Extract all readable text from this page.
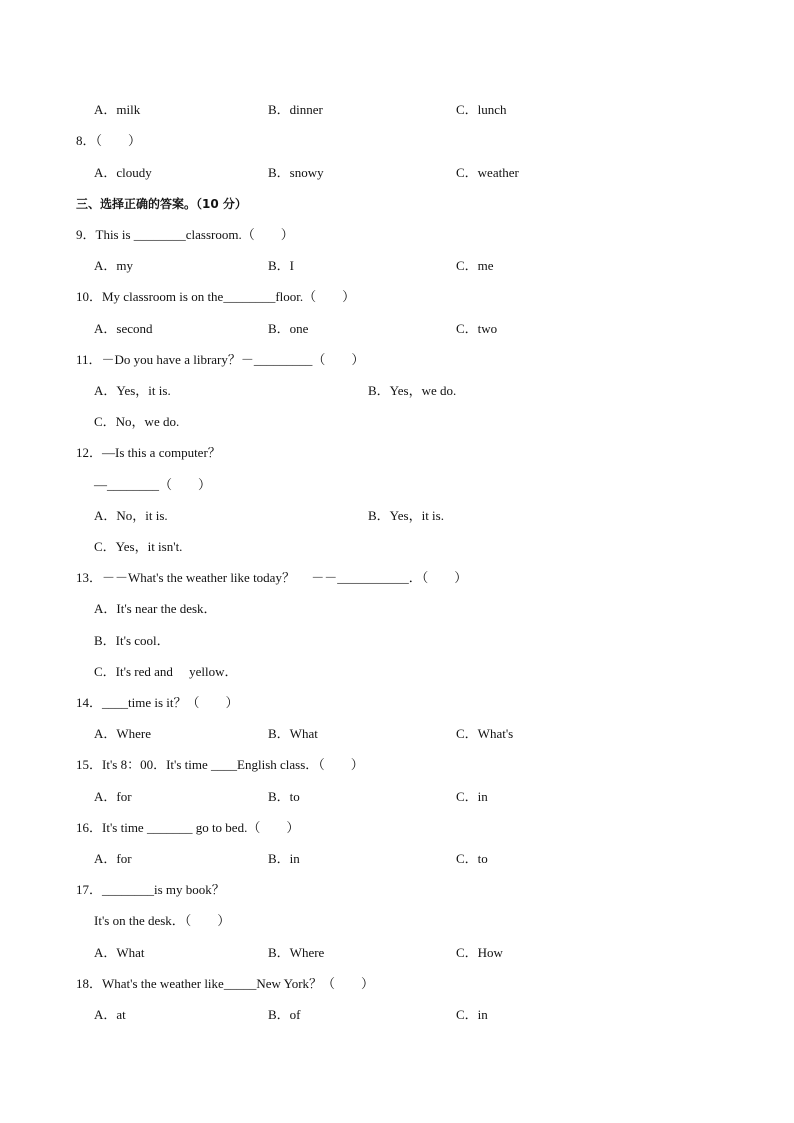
A．milk	B．dinner	C．lunch
8．（　　）
A．cloudy	B．snowy	C．weather
三、选择正确的答案。（10 分）
9．This is ________classroom.（　　）
A．my	B．I	C．me
10．My classroom is on the________floor.（　　）
A．second	B．one	C．two
11．－Do you have a library？－_________（　　）
A．Yes，it is.	B．Yes，we do.
C．No，we do.
12．—Is this a computer？
—________（　　）
A．No，it is.	B．Yes，it is.
C．Yes，it isn't.
13．－－What's the weather like today？　 －－___________．（　　）
A．It's near the desk．
B．It's cool．
C．It's red and　 yellow．
14．____time is it？（　　）
A．Where	B．What	C．What's
15．It's 8：00．It's time ____English class．（　　）
A．for	B．to	C．in
16．It's time _______ go to bed.（　　）
A．for	B．in	C．to
17．________is my book？
It's on the desk．（　　）
A．What	B．Where	C．How
18．What's the weather like_____New York？（　　）
A．at	B．of	C．in
